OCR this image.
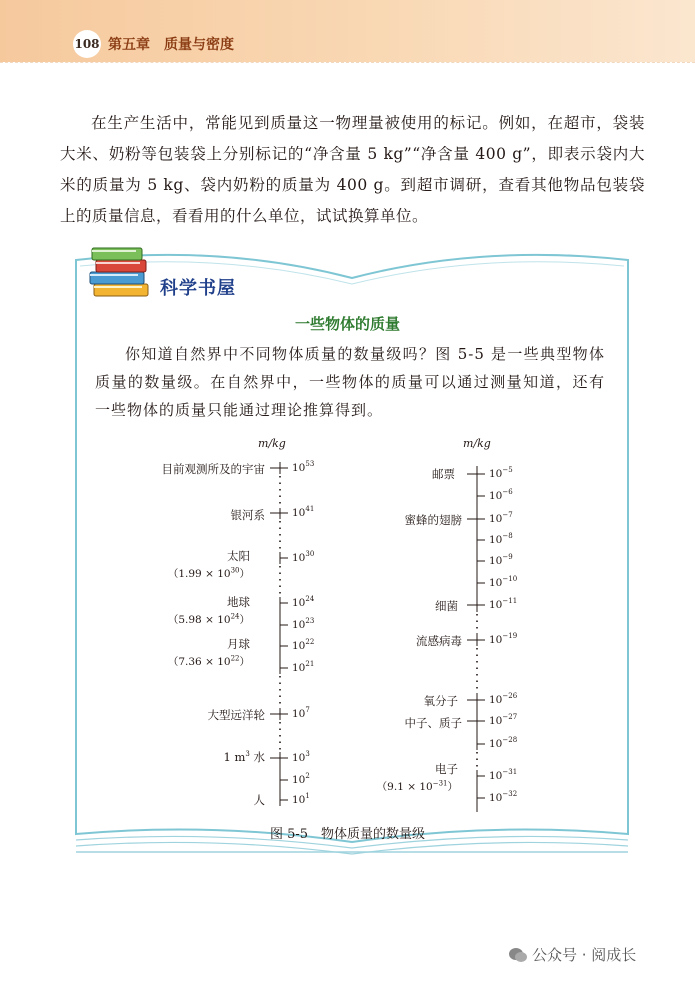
108 第五章 质量与密度
在生产生活中，常能见到质量这一物理量被使用的标记。例如，在超市，袋装大米、奶粉等包装袋上分别标记的“净含量 5 kg”“净含量 400 g”，即表示袋内大米的质量为 5 kg、袋内奶粉的质量为 400 g。到超市调研，查看其他物品包装袋上的质量信息，看看用的什么单位，试试换算单位。
科学书屋
一些物体的质量
你知道自然界中不同物体质量的数量级吗？图 5-5 是一些典型物体质量的数量级。在自然界中，一些物体的质量可以通过测量知道，还有一些物体的质量只能通过理论推算得到。
m/kg	m/kg
$10^{53}$
$10^{41}$
$10^{30}$
$10^{24}$
$10^{23}$
$10^{22}$
$10^{21}$
$10^7$
$10^3$
$10^2$
$10^1$
目前观测所及的宇宙
银河系
太阳
$(1.99 \times 10^{30})$
地球
$(5.98 \times 10^{24})$
月球
$(7.36 \times 10^{22})$
大型远洋轮
1 $m^3$ 水
人
$10^{-5}$
$10^{-6}$
$10^{-7}$
$10^{-8}$
$10^{-9}$
$10^{-10}$
$10^{-11}$
$10^{-19}$
$10^{-26}$
$10^{-27}$
$10^{-28}$
$10^{-31}$
$10^{-32}$
邮票
蜜蜂的翅膀
细菌
流感病毒
氧分子
中子、质子
电子
$(9.1 \times 10^{-31})$
图 5-5　物体质量的数量级
公众号 · 阅成长
